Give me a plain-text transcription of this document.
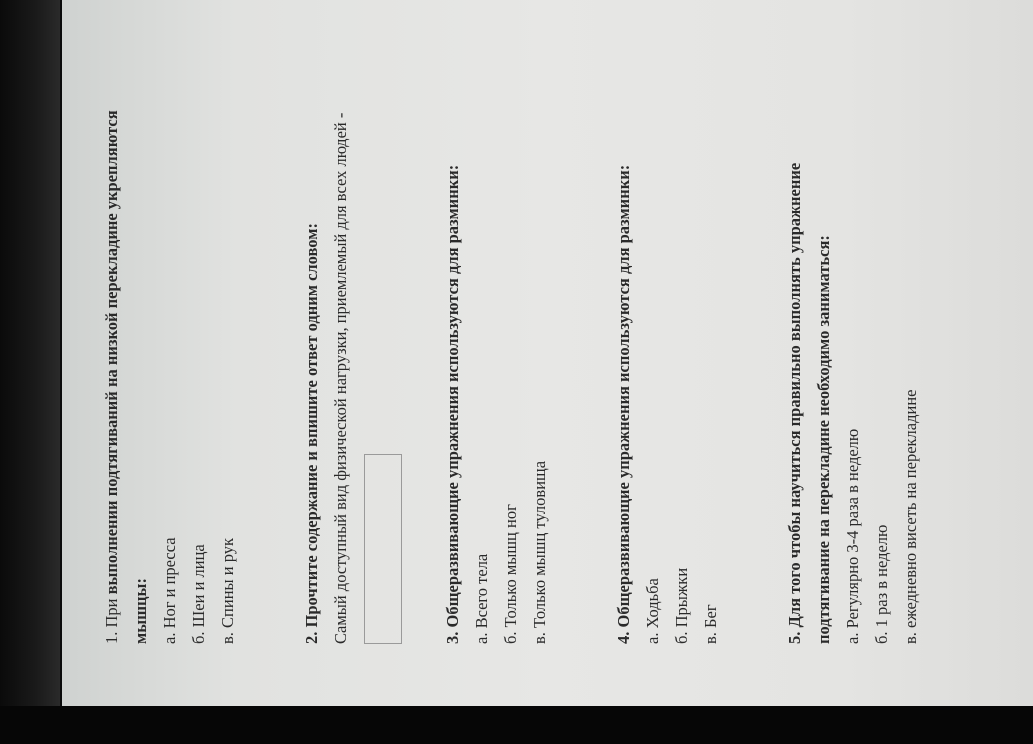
1. При выполнении подтягиваний на низкой перекладине укрепляются
мышцы: а. Ног и пресса б. Шеи и лица в. Спины и рук	2. Прочтите содержание и впишите ответ одним словом: Самый доступный вид физической нагрузки, приемлемый для всех людей -	3. Общеразвивающие упражнения используются для разминки: а. Всего тела б. Только мышц ног в. Только мышц туловища	4. Общеразвивающие упражнения используются для разминки: а. Ходьба б. Прыжки в. Бег	5. Для того чтобы научиться правильно выполнять упражнение подтягивание на перекладине необходимо заниматься: а. Регулярно 3-4 раза в неделю б. 1 раз в неделю в. ежедневно висеть на перекладине
